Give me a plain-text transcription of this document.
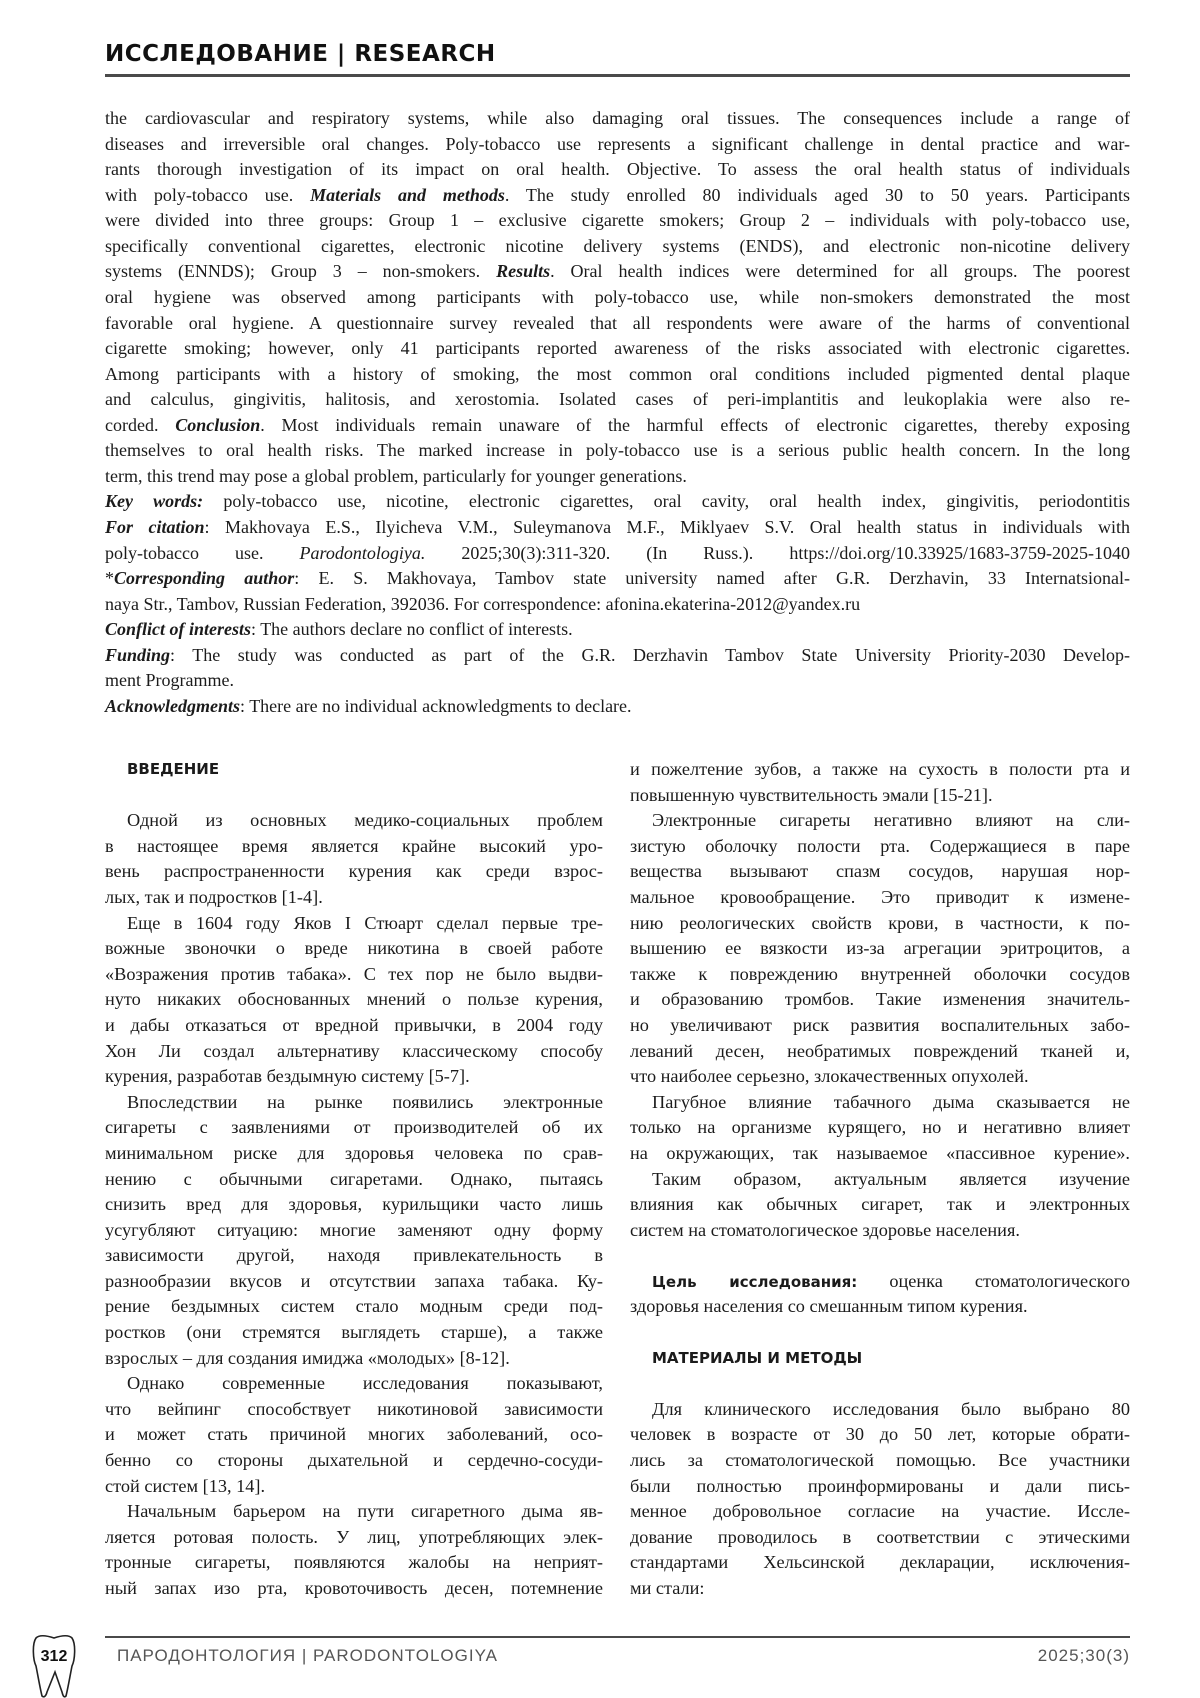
ИССЛЕДОВАНИЕ | RESEARCH
the cardiovascular and respiratory systems, while also damaging oral tissues. The consequences include a range of
diseases and irreversible oral changes. Poly-tobacco use represents a significant challenge in dental practice and war-
rants thorough investigation of its impact on oral health. Objective. To assess the oral health status of individuals
with poly-tobacco use. Materials and methods. The study enrolled 80 individuals aged 30 to 50 years. Participants
were divided into three groups: Group 1 – exclusive cigarette smokers; Group 2 – individuals with poly-tobacco use,
specifically conventional cigarettes, electronic nicotine delivery systems (ENDS), and electronic non-nicotine delivery
systems (ENNDS); Group 3 – non-smokers. Results. Oral health indices were determined for all groups. The poorest
oral hygiene was observed among participants with poly-tobacco use, while non-smokers demonstrated the most
favorable oral hygiene. A questionnaire survey revealed that all respondents were aware of the harms of conventional
cigarette smoking; however, only 41 participants reported awareness of the risks associated with electronic cigarettes.
Among participants with a history of smoking, the most common oral conditions included pigmented dental plaque
and calculus, gingivitis, halitosis, and xerostomia. Isolated cases of peri-implantitis and leukoplakia were also re-
corded. Conclusion. Most individuals remain unaware of the harmful effects of electronic cigarettes, thereby exposing
themselves to oral health risks. The marked increase in poly-tobacco use is a serious public health concern. In the long
term, this trend may pose a global problem, particularly for younger generations.
Key words: poly-tobacco use, nicotine, electronic cigarettes, oral cavity, oral health index, gingivitis, periodontitis
For citation: Makhovaya E.S., Ilyicheva V.M., Suleymanova M.F., Miklyaev S.V. Oral health status in individuals with
poly-tobacco use. Parodontologiya. 2025;30(3):311-320. (In Russ.). https://doi.org/10.33925/1683-3759-2025-1040
*Corresponding author: E. S. Makhovaya, Tambov state university named after G.R. Derzhavin, 33 Internatsional-
naya Str., Tambov, Russian Federation, 392036. For correspondence: afonina.ekaterina-2012@yandex.ru
Conflict of interests: The authors declare no conflict of interests.
Funding: The study was conducted as part of the G.R. Derzhavin Tambov State University Priority-2030 Develop-
ment Programme.
Acknowledgments: There are no individual acknowledgments to declare.
ВВЕДЕНИЕ
Одной из основных медико-социальных проблем
в настоящее время является крайне высокий уро-
вень распространенности курения как среди взрос-
лых, так и подростков [1-4].
Еще в 1604 году Яков I Стюарт сделал первые тре-
вожные звоночки о вреде никотина в своей работе
«Возражения против табака». С тех пор не было выдви-
нуто никаких обоснованных мнений о пользе курения,
и дабы отказаться от вредной привычки, в 2004 году
Хон Ли создал альтернативу классическому способу
курения, разработав бездымную систему [5-7].
Впоследствии на рынке появились электронные
сигареты с заявлениями от производителей об их
минимальном риске для здоровья человека по срав-
нению с обычными сигаретами. Однако, пытаясь
снизить вред для здоровья, курильщики часто лишь
усугубляют ситуацию: многие заменяют одну форму
зависимости другой, находя привлекательность в
разнообразии вкусов и отсутствии запаха табака. Ку-
рение бездымных систем стало модным среди под-
ростков (они стремятся выглядеть старше), а также
взрослых – для создания имиджа «молодых» [8-12].
Однако современные исследования показывают,
что вейпинг способствует никотиновой зависимости
и может стать причиной многих заболеваний, осо-
бенно со стороны дыхательной и сердечно-сосуди-
стой систем [13, 14].
Начальным барьером на пути сигаретного дыма яв-
ляется ротовая полость. У лиц, употребляющих элек-
тронные сигареты, появляются жалобы на неприят-
ный запах изо рта, кровоточивость десен, потемнение
и пожелтение зубов, а также на сухость в полости рта и
повышенную чувствительность эмали [15-21].
Электронные сигареты негативно влияют на сли-
зистую оболочку полости рта. Содержащиеся в паре
вещества вызывают спазм сосудов, нарушая нор-
мальное кровообращение. Это приводит к измене-
нию реологических свойств крови, в частности, к по-
вышению ее вязкости из-за агрегации эритроцитов, а
также к повреждению внутренней оболочки сосудов
и образованию тромбов. Такие изменения значитель-
но увеличивают риск развития воспалительных забо-
леваний десен, необратимых повреждений тканей и,
что наиболее серьезно, злокачественных опухолей.
Пагубное влияние табачного дыма сказывается не
только на организме курящего, но и негативно влияет
на окружающих, так называемое «пассивное курение».
Таким образом, актуальным является изучение
влияния как обычных сигарет, так и электронных
систем на стоматологическое здоровье населения.
Цель исследования: оценка стоматологического
здоровья населения со смешанным типом курения.
МАТЕРИАЛЫ И МЕТОДЫ
Для клинического исследования было выбрано 80
человек в возрасте от 30 до 50 лет, которые обрати-
лись за стоматологической помощью. Все участники
были полностью проинформированы и дали пись-
менное добровольное согласие на участие. Иссле-
дование проводилось в соответствии с этическими
стандартами Хельсинской декларации, исключения-
ми стали:
312	ПАРОДОНТОЛОГИЯ | PARODONTOLOGIYA	2025;30(3)
